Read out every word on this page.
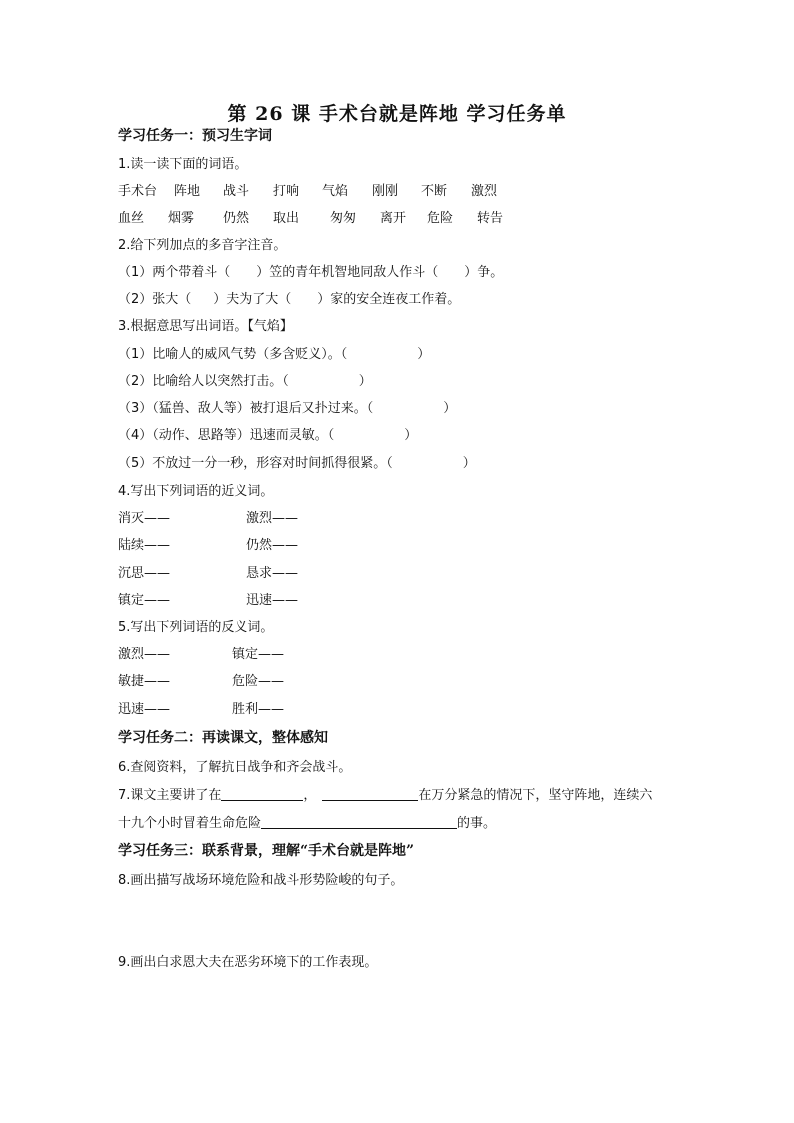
第 26 课 手术台就是阵地 学习任务单
学习任务一：预习生字词
1.读一读下面的词语。
手术台 阵地 战斗 打响 气焰 刚刚 不断 激烈
血丝 烟雾 仍然 取出 匆匆 离开 危险 转告
2.给下列加点的多音字注音。
（1）两个带着斗（ ）笠的青年机智地同敌人作斗（ ）争。
（2）张大（ ）夫为了大（ ）家的安全连夜工作着。
3.根据意思写出词语。【气焰】
（1）比喻人的威风气势（多含贬义）。（	）
（2）比喻给人以突然打击。（	）
（3）（猛兽、敌人等）被打退后又扑过来。（	）
（4）（动作、思路等）迅速而灵敏。（	）
（5）不放过一分一秒，形容对时间抓得很紧。（	）
4.写出下列词语的近义词。
消灭——	激烈——
陆续——	仍然——
沉思——	恳求——
镇定——	迅速——
5.写出下列词语的反义词。
激烈——	镇定——
敏捷——	危险——
迅速——	胜利——
学习任务二：再读课文，整体感知
6.查阅资料，了解抗日战争和齐会战斗。
7.课文主要讲了在	，	在万分紧急的情况下，坚守阵地，连续六
十九个小时冒着生命危险	的事。
学习任务三：联系背景，理解“手术台就是阵地”
8.画出描写战场环境危险和战斗形势险峻的句子。
9.画出白求恩大夫在恶劣环境下的工作表现。
